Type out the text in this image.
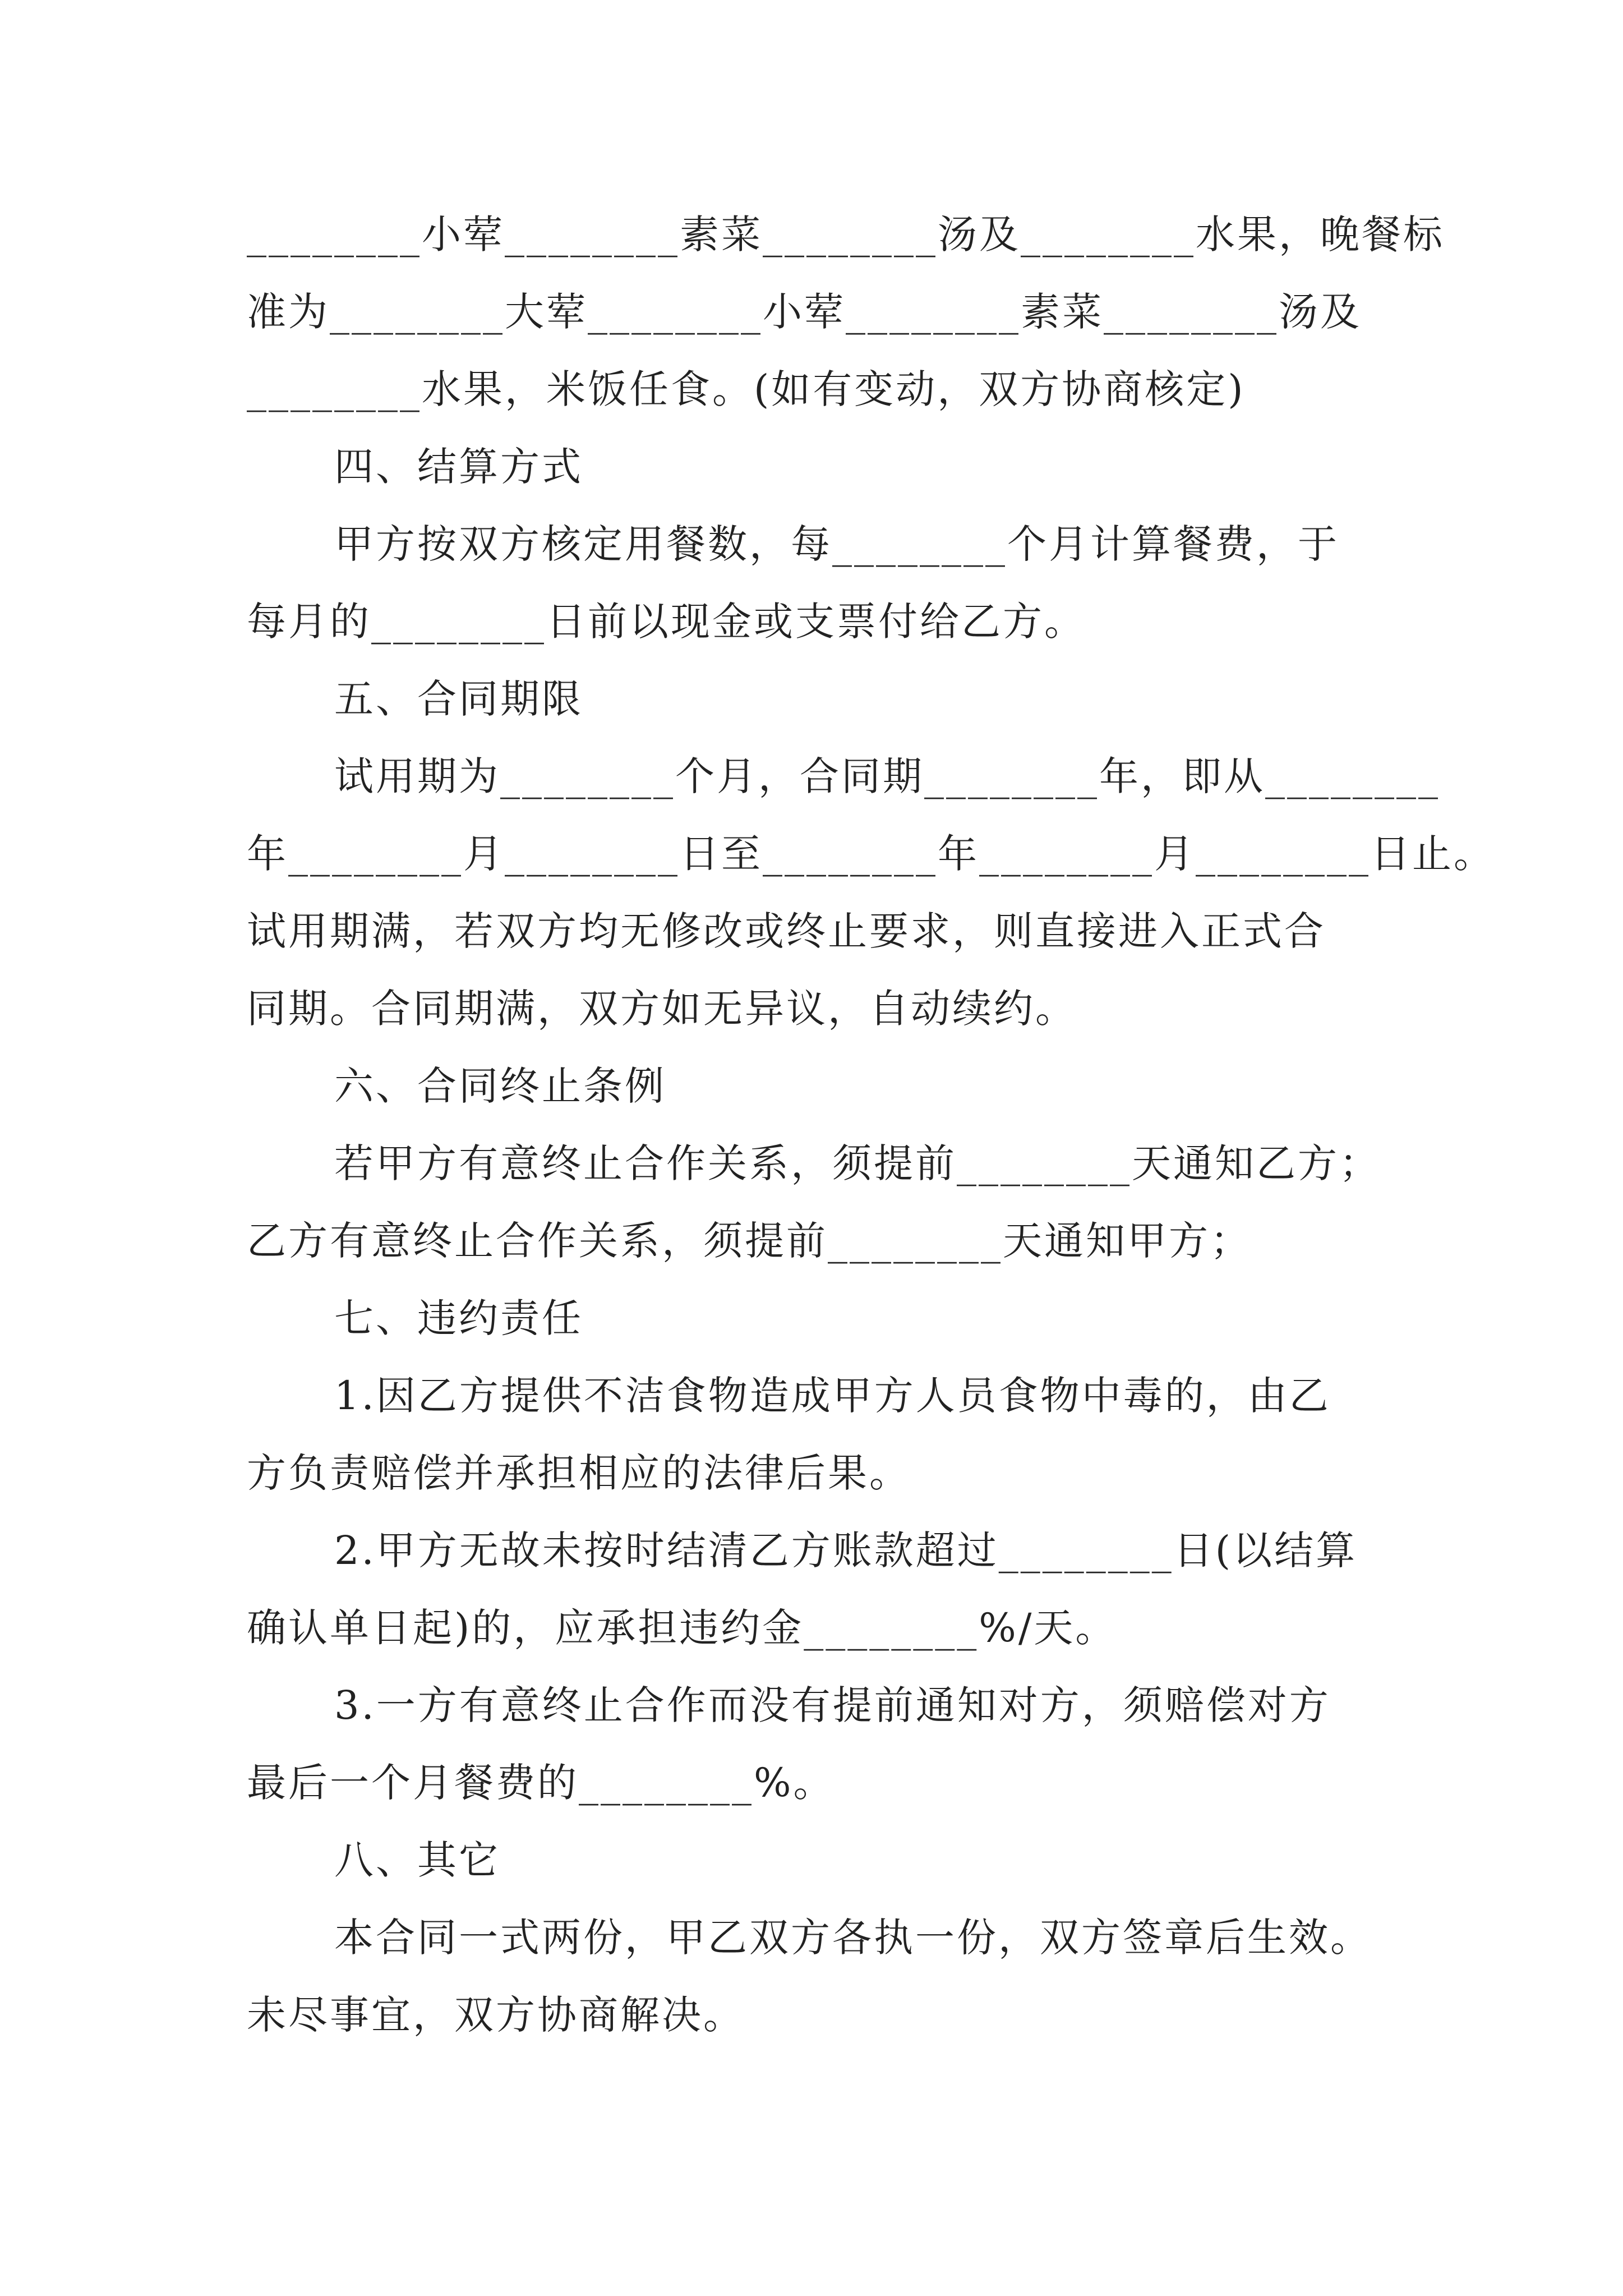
________小荤________素菜________汤及________水果，晚餐标
准为________大荤________小荤________素菜________汤及
________水果，米饭任食。(如有变动，双方协商核定)
四、结算方式
甲方按双方核定用餐数，每________个月计算餐费，于
每月的________日前以现金或支票付给乙方。
五、合同期限
试用期为________个月，合同期________年，即从________
年________月________日至________年________月________日止。
试用期满，若双方均无修改或终止要求，则直接进入正式合
同期。合同期满，双方如无异议，自动续约。
六、合同终止条例
若甲方有意终止合作关系，须提前________天通知乙方；
乙方有意终止合作关系，须提前________天通知甲方；
七、违约责任
1.因乙方提供不洁食物造成甲方人员食物中毒的，由乙
方负责赔偿并承担相应的法律后果。
2.甲方无故未按时结清乙方账款超过________日(以结算
确认单日起)的，应承担违约金________%/天。
3.一方有意终止合作而没有提前通知对方，须赔偿对方
最后一个月餐费的________%。
八、其它
本合同一式两份，甲乙双方各执一份，双方签章后生效。
未尽事宜，双方协商解决。
